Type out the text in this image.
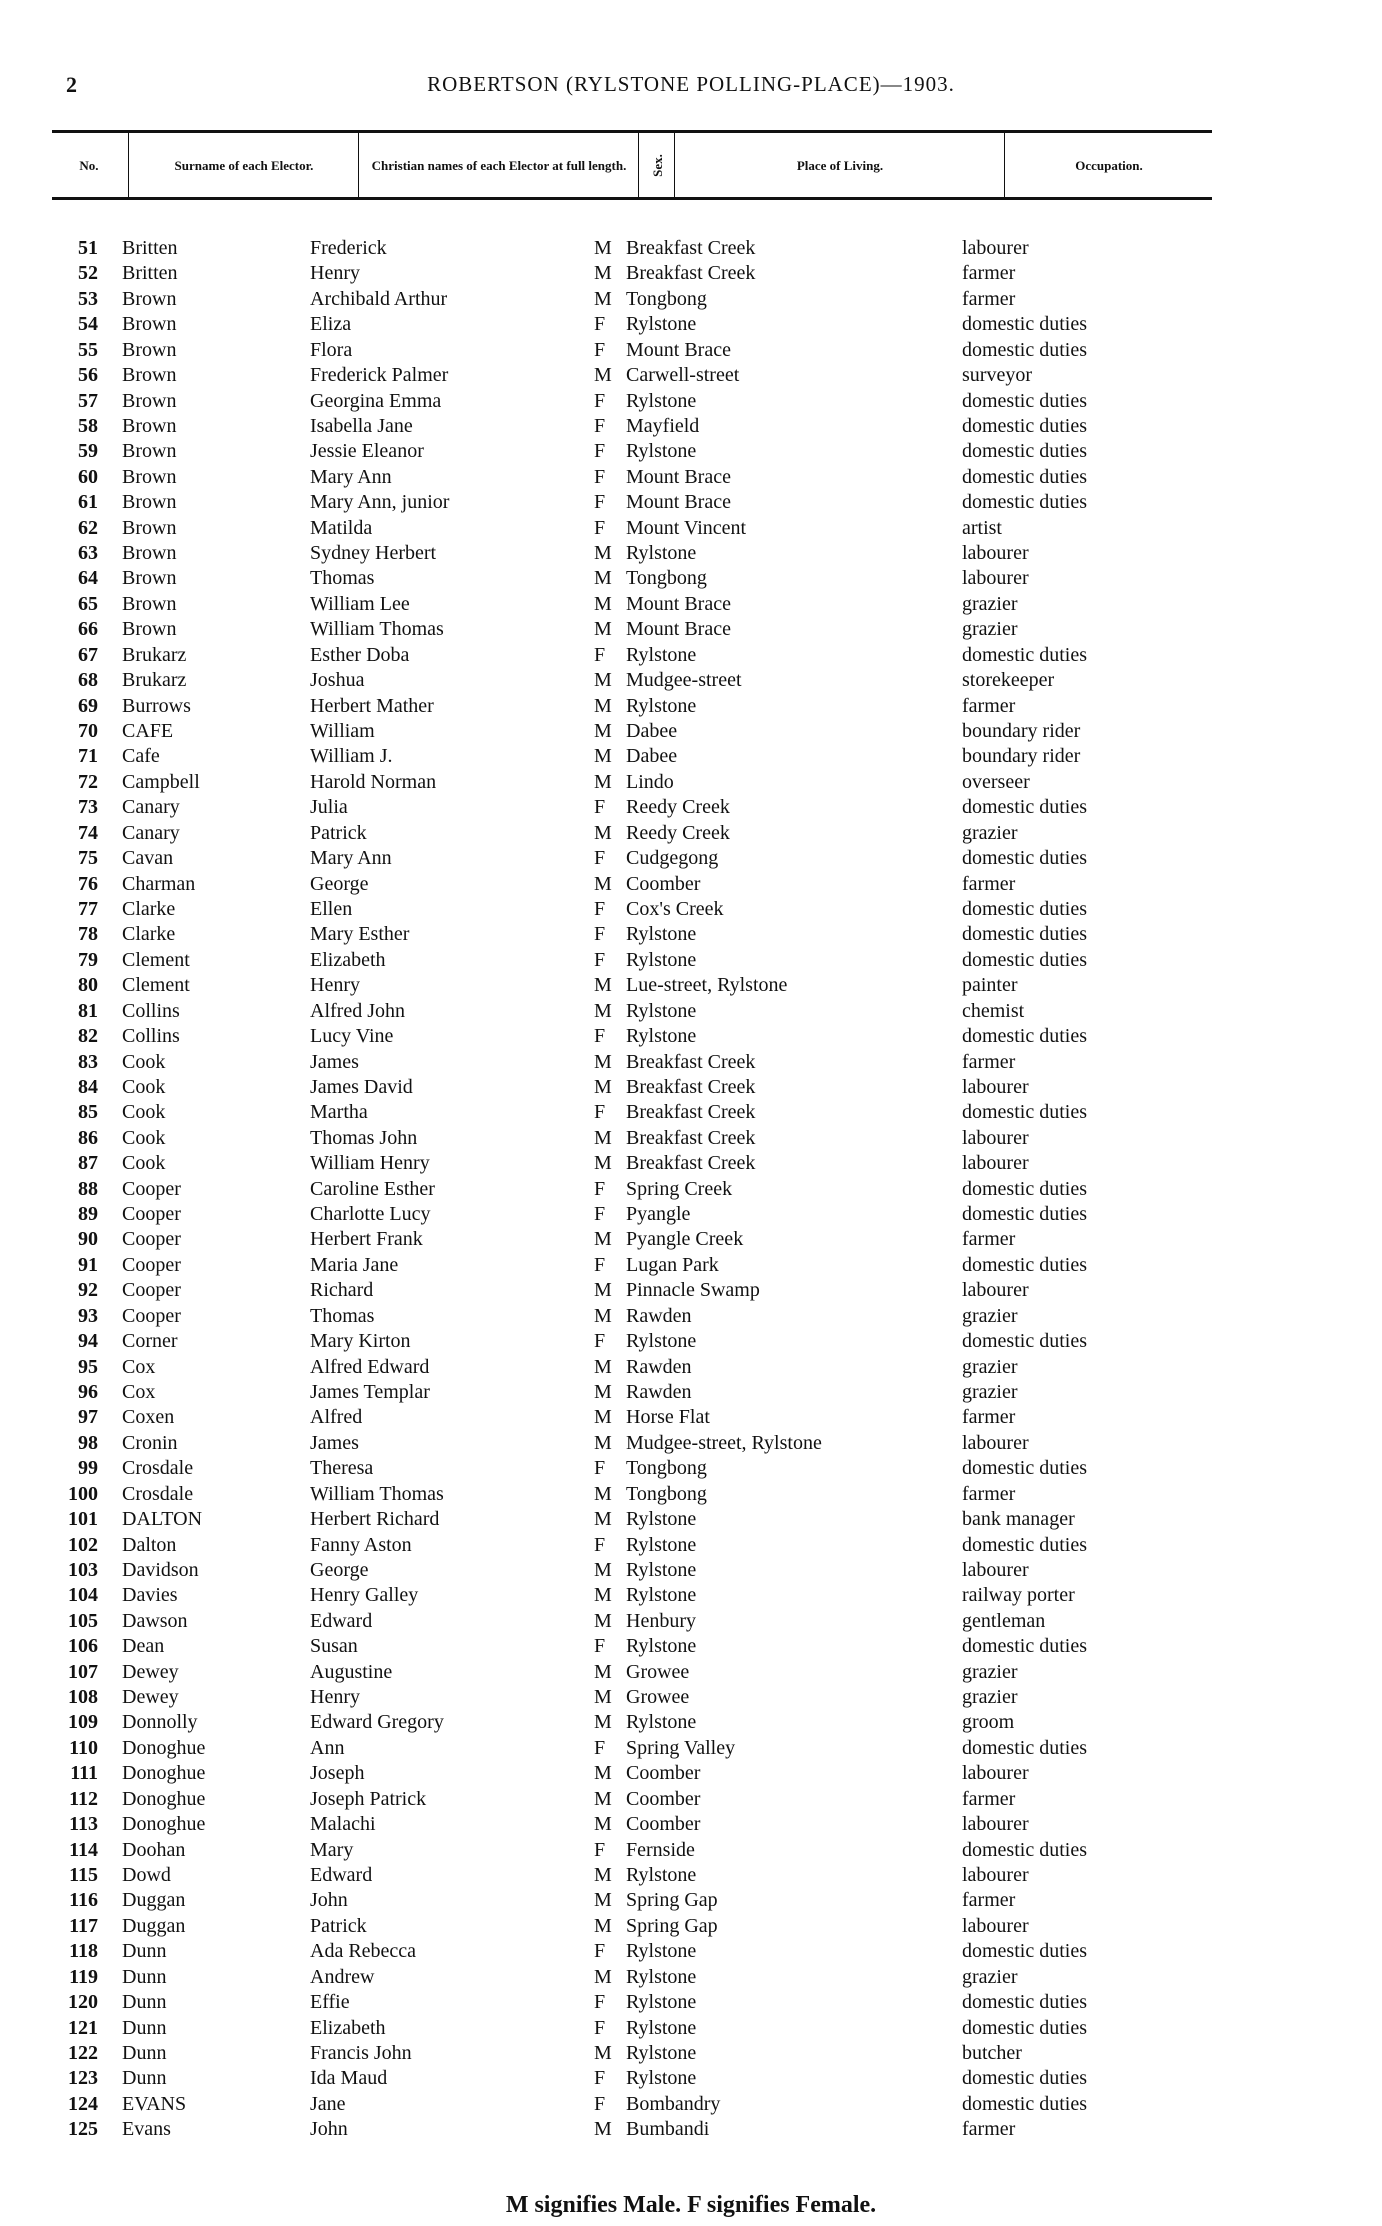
2	ROBERTSON (RYLSTONE POLLING-PLACE)—1903.
No.	Surname of each Elector.	Christian names of each Elector at full length.	Sex.	Place of Living.	Occupation.
51 Britten	Frederick	M Breakfast Creek	labourer
52 Britten	Henry	M Breakfast Creek	farmer
53 Brown	Archibald Arthur	M Tongbong	farmer
54 Brown	Eliza	F Rylstone	domestic duties
55 Brown	Flora	F Mount Brace	domestic duties
56 Brown	Frederick Palmer	M Carwell-street	surveyor
57 Brown	Georgina Emma	F Rylstone	domestic duties
58 Brown	Isabella Jane	F Mayfield	domestic duties
59 Brown	Jessie Eleanor	F Rylstone	domestic duties
60 Brown	Mary Ann	F Mount Brace	domestic duties
61 Brown	Mary Ann, junior	F Mount Brace	domestic duties
62 Brown	Matilda	F Mount Vincent	artist
63 Brown	Sydney Herbert	M Rylstone	labourer
64 Brown	Thomas	M Tongbong	labourer
65 Brown	William Lee	M Mount Brace	grazier
66 Brown	William Thomas	M Mount Brace	grazier
67 Brukarz	Esther Doba	F Rylstone	domestic duties
68 Brukarz	Joshua	M Mudgee-street	storekeeper
69 Burrows	Herbert Mather	M Rylstone	farmer
70 CAFE	William	M Dabee	boundary rider
71 Cafe	William J.	M Dabee	boundary rider
72 Campbell	Harold Norman	M Lindo	overseer
73 Canary	Julia	F Reedy Creek	domestic duties
74 Canary	Patrick	M Reedy Creek	grazier
75 Cavan	Mary Ann	F Cudgegong	domestic duties
76 Charman	George	M Coomber	farmer
77 Clarke	Ellen	F Cox's Creek	domestic duties
78 Clarke	Mary Esther	F Rylstone	domestic duties
79 Clement	Elizabeth	F Rylstone	domestic duties
80 Clement	Henry	M Lue-street, Rylstone	painter
81 Collins	Alfred John	M Rylstone	chemist
82 Collins	Lucy Vine	F Rylstone	domestic duties
83 Cook	James	M Breakfast Creek	farmer
84 Cook	James David	M Breakfast Creek	labourer
85 Cook	Martha	F Breakfast Creek	domestic duties
86 Cook	Thomas John	M Breakfast Creek	labourer
87 Cook	William Henry	M Breakfast Creek	labourer
88 Cooper	Caroline Esther	F Spring Creek	domestic duties
89 Cooper	Charlotte Lucy	F Pyangle	domestic duties
90 Cooper	Herbert Frank	M Pyangle Creek	farmer
91 Cooper	Maria Jane	F Lugan Park	domestic duties
92 Cooper	Richard	M Pinnacle Swamp	labourer
93 Cooper	Thomas	M Rawden	grazier
94 Corner	Mary Kirton	F Rylstone	domestic duties
95 Cox	Alfred Edward	M Rawden	grazier
96 Cox	James Templar	M Rawden	grazier
97 Coxen	Alfred	M Horse Flat	farmer
98 Cronin	James	M Mudgee-street, Rylstone	labourer
99 Crosdale	Theresa	F Tongbong	domestic duties
100 Crosdale	William Thomas	M Tongbong	farmer
101 DALTON	Herbert Richard	M Rylstone	bank manager
102 Dalton	Fanny Aston	F Rylstone	domestic duties
103 Davidson	George	M Rylstone	labourer
104 Davies	Henry Galley	M Rylstone	railway porter
105 Dawson	Edward	M Henbury	gentleman
106 Dean	Susan	F Rylstone	domestic duties
107 Dewey	Augustine	M Growee	grazier
108 Dewey	Henry	M Growee	grazier
109 Donnolly	Edward Gregory	M Rylstone	groom
110 Donoghue	Ann	F Spring Valley	domestic duties
111 Donoghue	Joseph	M Coomber	labourer
112 Donoghue	Joseph Patrick	M Coomber	farmer
113 Donoghue	Malachi	M Coomber	labourer
114 Doohan	Mary	F Fernside	domestic duties
115 Dowd	Edward	M Rylstone	labourer
116 Duggan	John	M Spring Gap	farmer
117 Duggan	Patrick	M Spring Gap	labourer
118 Dunn	Ada Rebecca	F Rylstone	domestic duties
119 Dunn	Andrew	M Rylstone	grazier
120 Dunn	Effie	F Rylstone	domestic duties
121 Dunn	Elizabeth	F Rylstone	domestic duties
122 Dunn	Francis John	M Rylstone	butcher
123 Dunn	Ida Maud	F Rylstone	domestic duties
124 EVANS	Jane	F Bombandry	domestic duties
125 Evans	John	M Bumbandi	farmer
M signifies Male. F signifies Female.
